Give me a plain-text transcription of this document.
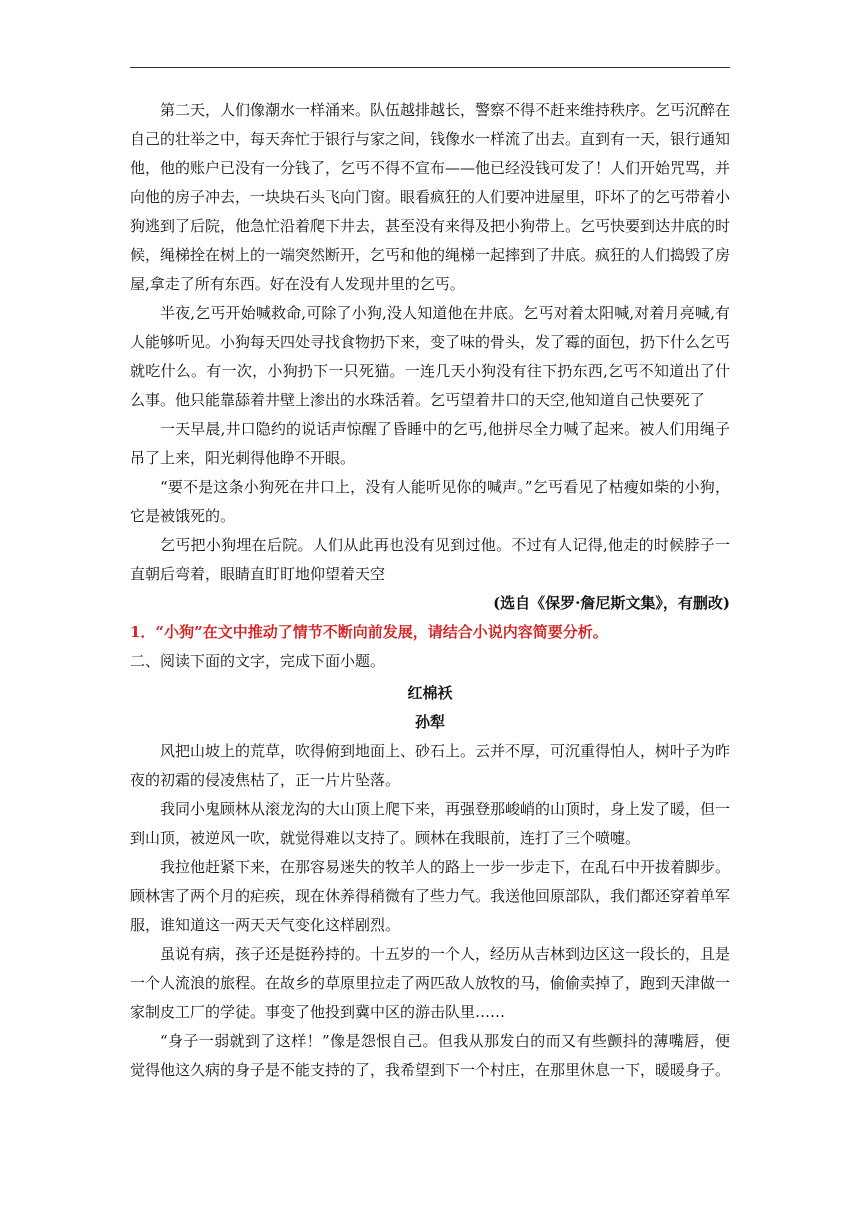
第二天，人们像潮水一样涌来。队伍越排越长，警察不得不赶来维持秩序。乞丐沉醉在自己的壮举之中，每天奔忙于银行与家之间，钱像水一样流了出去。直到有一天，银行通知他，他的账户已没有一分钱了，乞丐不得不宣布——他已经没钱可发了！人们开始咒骂，并向他的房子冲去，一块块石头飞向门窗。眼看疯狂的人们要冲进屋里，吓坏了的乞丐带着小狗逃到了后院，他急忙沿着爬下井去，甚至没有来得及把小狗带上。乞丐快要到达井底的时候，绳梯拴在树上的一端突然断开，乞丐和他的绳梯一起摔到了井底。疯狂的人们捣毁了房屋,拿走了所有东西。好在没有人发现井里的乞丐。

半夜,乞丐开始喊救命,可除了小狗,没人知道他在井底。乞丐对着太阳喊,对着月亮喊,有人能够听见。小狗每天四处寻找食物扔下来，变了味的骨头，发了霉的面包，扔下什么乞丐就吃什么。有一次，小狗扔下一只死猫。一连几天小狗没有往下扔东西,乞丐不知道出了什么事。他只能靠舔着井壁上渗出的水珠活着。乞丐望着井口的天空,他知道自己快要死了

一天早晨,井口隐约的说话声惊醒了昏睡中的乞丐,他拼尽全力喊了起来。被人们用绳子吊了上来，阳光刺得他睁不开眼。

“要不是这条小狗死在井口上，没有人能听见你的喊声。”乞丐看见了枯瘦如柴的小狗，它是被饿死的。

乞丐把小狗埋在后院。人们从此再也没有见到过他。不过有人记得,他走的时候脖子一直朝后弯着，眼睛直盯盯地仰望着天空

(选自《保罗·詹尼斯文集》，有删改)

1．“小狗”在文中推动了情节不断向前发展，请结合小说内容简要分析。

二、阅读下面的文字，完成下面小题。

红棉袄

孙犁

风把山坡上的荒草，吹得俯到地面上、砂石上。云并不厚，可沉重得怕人，树叶子为昨夜的初霜的侵凌焦枯了，正一片片坠落。

我同小鬼顾林从滚龙沟的大山顶上爬下来，再强登那峻峭的山顶时，身上发了暖，但一到山顶，被逆风一吹，就觉得难以支持了。顾林在我眼前，连打了三个喷嚏。

我拉他赶紧下来，在那容易迷失的牧羊人的路上一步一步走下，在乱石中开拔着脚步。顾林害了两个月的疟疾，现在休养得稍微有了些力气。我送他回原部队，我们都还穿着单军服，谁知道这一两天天气变化这样剧烈。

虽说有病，孩子还是挺矜持的。十五岁的一个人，经历从吉林到边区这一段长的，且是一个人流浪的旅程。在故乡的草原里拉走了两匹敌人放牧的马，偷偷卖掉了，跑到天津做一家制皮工厂的学徒。事变了他投到冀中区的游击队里……

“身子一弱就到了这样！”像是怨恨自己。但我从那发白的而又有些颤抖的薄嘴唇，便觉得他这久病的身子是不能支持的了，我希望到下一个村庄，在那里休息一下，暖暖身子。
